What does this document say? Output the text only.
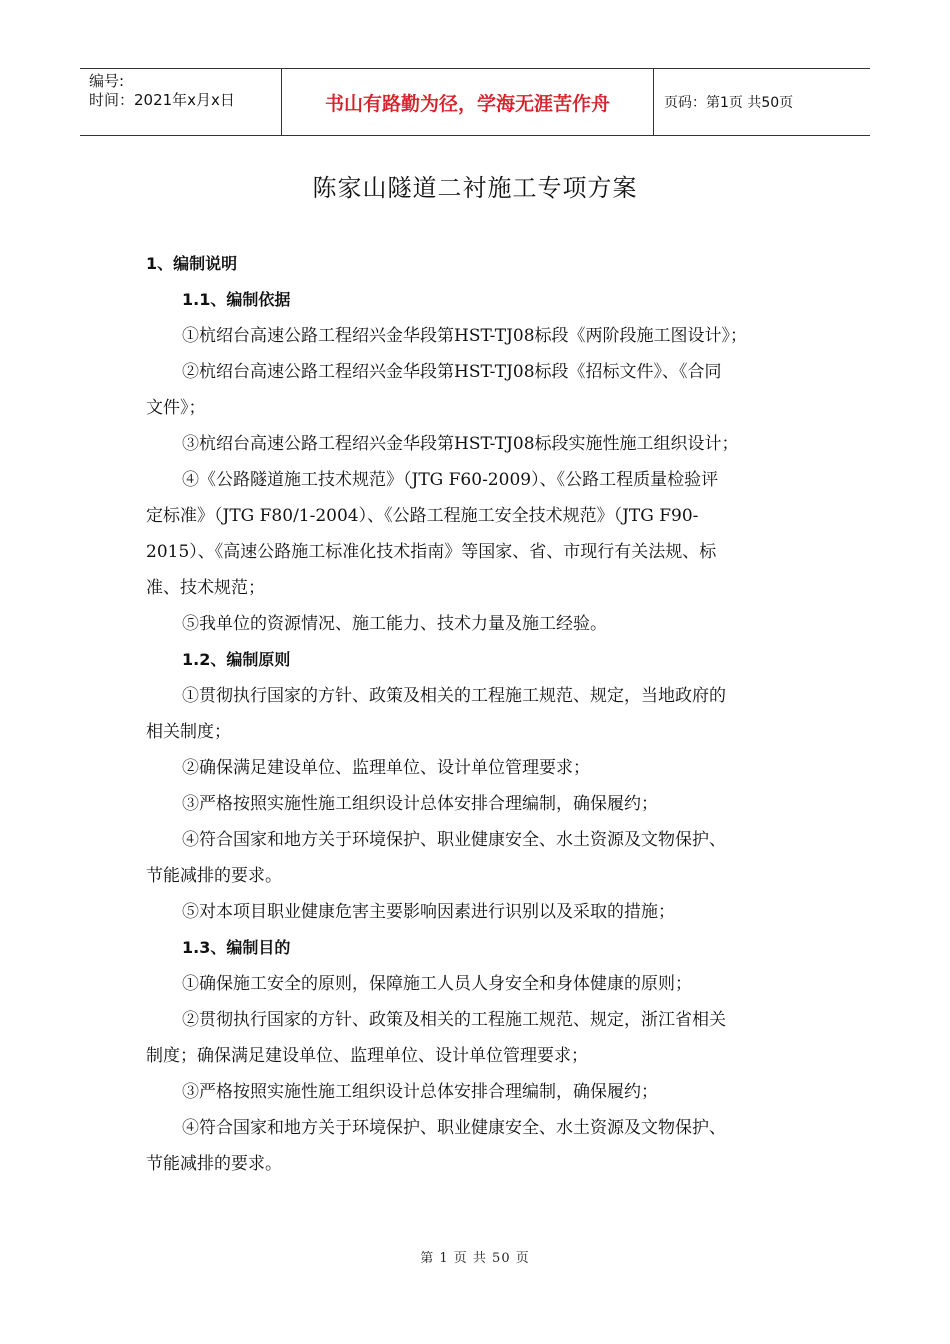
编号:
时间：2021年x月x日	书山有路勤为径，学海无涯苦作舟	页码：第1页 共50页
陈家山隧道二衬施工专项方案
1、编制说明
1.1、编制依据
①杭绍台高速公路工程绍兴金华段第HST-TJ08标段《两阶段施工图设计》；
②杭绍台高速公路工程绍兴金华段第HST-TJ08标段《招标文件》、《合同
文件》；
③杭绍台高速公路工程绍兴金华段第HST-TJ08标段实施性施工组织设计；
④《公路隧道施工技术规范》（JTG F60-2009）、《公路工程质量检验评
定标准》（JTG F80/1-2004）、《公路工程施工安全技术规范》（JTG F90-
2015）、《高速公路施工标准化技术指南》等国家、省、市现行有关法规、标
准、技术规范；
⑤我单位的资源情况、施工能力、技术力量及施工经验。
1.2、编制原则
①贯彻执行国家的方针、政策及相关的工程施工规范、规定，当地政府的
相关制度；
②确保满足建设单位、监理单位、设计单位管理要求；
③严格按照实施性施工组织设计总体安排合理编制，确保履约；
④符合国家和地方关于环境保护、职业健康安全、水土资源及文物保护、
节能减排的要求。
⑤对本项目职业健康危害主要影响因素进行识别以及采取的措施；
1.3、编制目的
①确保施工安全的原则，保障施工人员人身安全和身体健康的原则；
②贯彻执行国家的方针、政策及相关的工程施工规范、规定，浙江省相关
制度；确保满足建设单位、监理单位、设计单位管理要求；
③严格按照实施性施工组织设计总体安排合理编制，确保履约；
④符合国家和地方关于环境保护、职业健康安全、水土资源及文物保护、
节能减排的要求。
第 1 页 共 50 页
